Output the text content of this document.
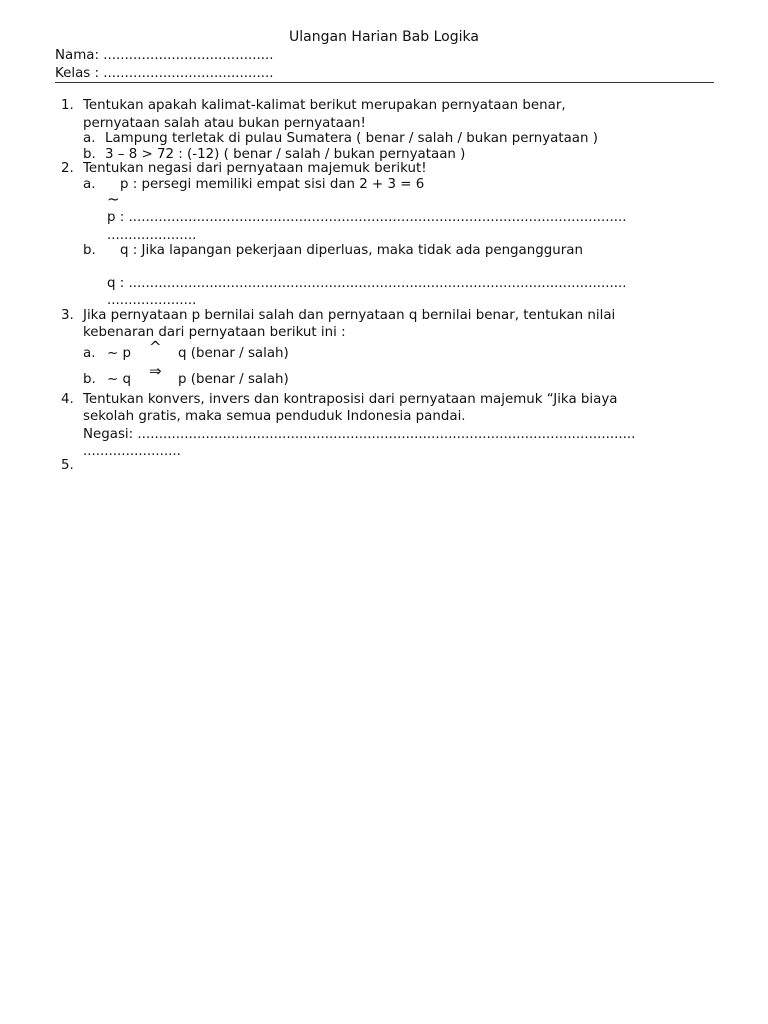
Ulangan Harian Bab Logika
Nama: ........................................
Kelas : ........................................
1. Tentukan apakah kalimat-kalimat berikut merupakan pernyataan benar,
pernyataan salah atau bukan pernyataan!
a. Lampung terletak di pulau Sumatera ( benar / salah / bukan pernyataan )
b. 3 – 8 > 72 : (-12) ( benar / salah / bukan pernyataan )
2. Tentukan negasi dari pernyataan majemuk berikut!
a. p : persegi memiliki empat sisi dan 2 + 3 = 6
~
p : .....................................................................................................................
.....................
b. q : Jika lapangan pekerjaan diperluas, maka tidak ada pengangguran
q : .....................................................................................................................
.....................
3. Jika pernyataan p bernilai salah dan pernyataan q bernilai benar, tentukan nilai
kebenaran dari pernyataan berikut ini :
a. ~ p ^ q (benar / salah)
b. ~ q ⇒ p (benar / salah)
4. Tentukan konvers, invers dan kontraposisi dari pernyataan majemuk “Jika biaya
sekolah gratis, maka semua penduduk Indonesia pandai.
Negasi: .....................................................................................................................
.......................
5.
